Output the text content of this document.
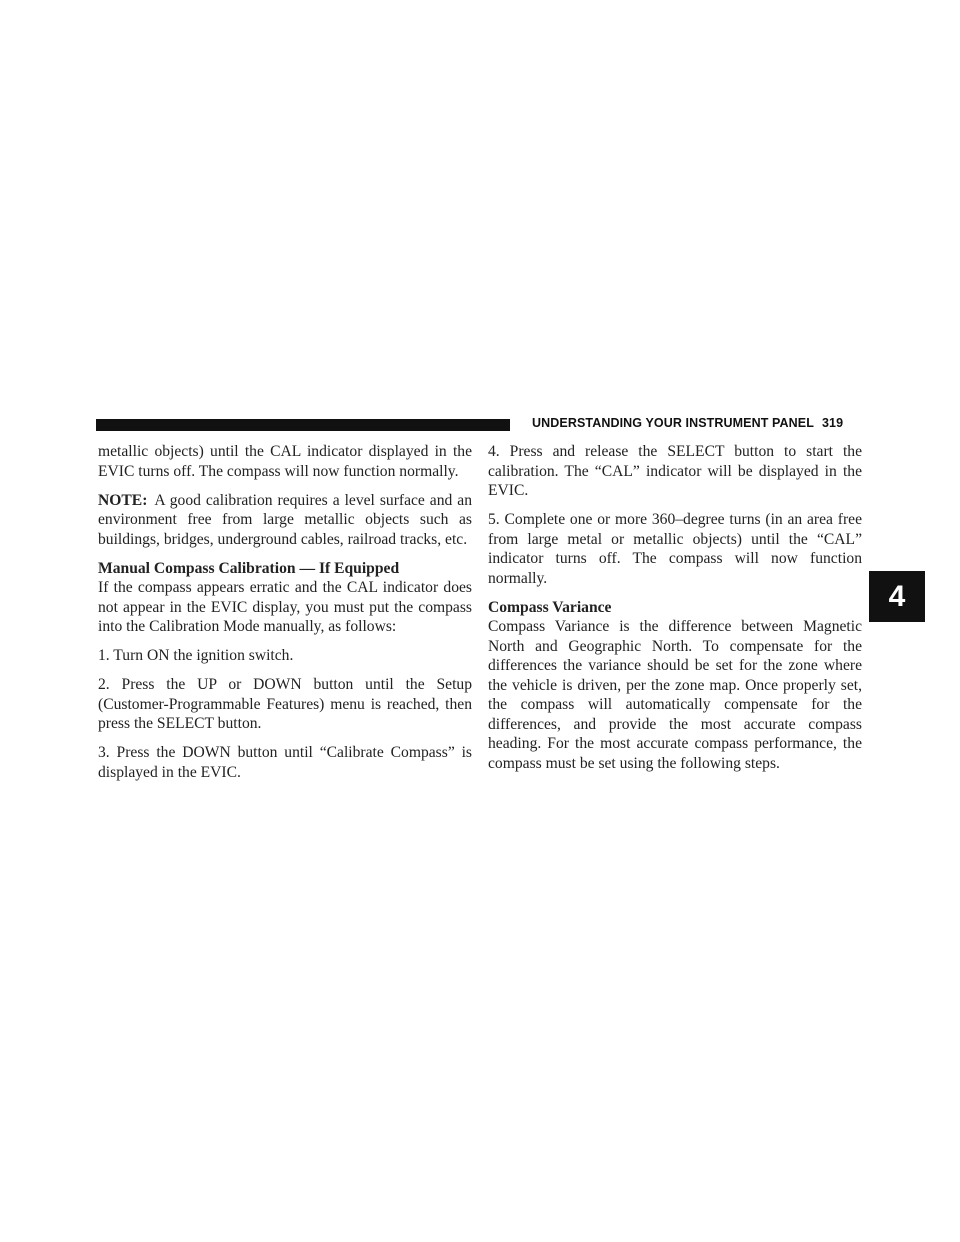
UNDERSTANDING YOUR INSTRUMENT PANEL 319
4

metallic objects) until the CAL indicator displayed in the EVIC turns off. The compass will now function normally.

NOTE: A good calibration requires a level surface and an environment free from large metallic objects such as buildings, bridges, underground cables, railroad tracks, etc.

Manual Compass Calibration — If Equipped

If the compass appears erratic and the CAL indicator does not appear in the EVIC display, you must put the compass into the Calibration Mode manually, as follows:

1. Turn ON the ignition switch.

2. Press the UP or DOWN button until the Setup (Customer-Programmable Features) menu is reached, then press the SELECT button.

3. Press the DOWN button until “Calibrate Compass” is displayed in the EVIC.

4. Press and release the SELECT button to start the calibration. The “CAL” indicator will be displayed in the EVIC.

5. Complete one or more 360–degree turns (in an area free from large metal or metallic objects) until the “CAL” indicator turns off. The compass will now function normally.

Compass Variance

Compass Variance is the difference between Magnetic North and Geographic North. To compensate for the differences the variance should be set for the zone where the vehicle is driven, per the zone map. Once properly set, the compass will automatically compensate for the differences, and provide the most accurate compass heading. For the most accurate compass performance, the compass must be set using the following steps.
